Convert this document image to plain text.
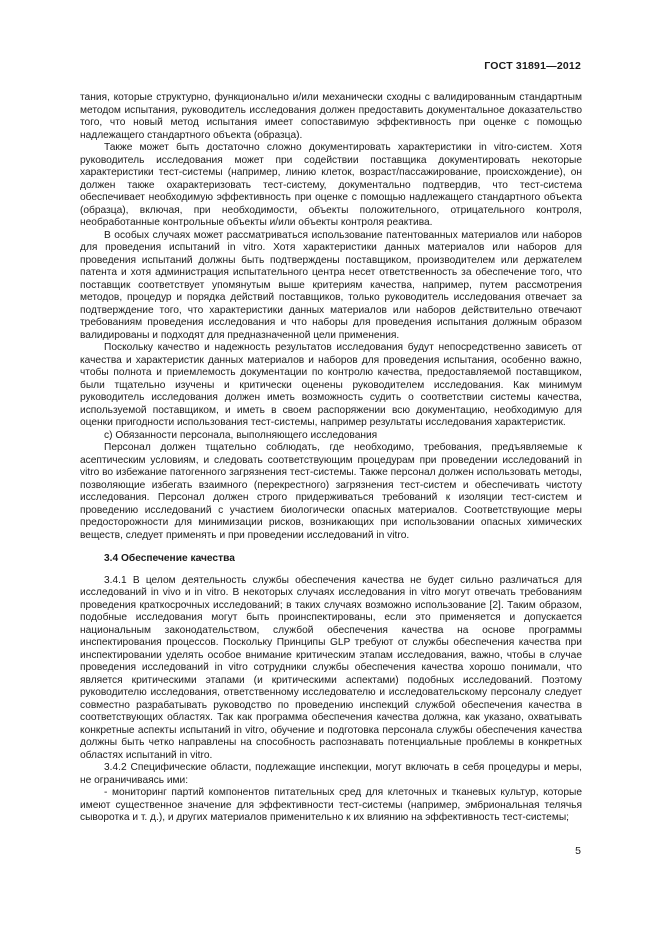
ГОСТ 31891—2012

тания, которые структурно, функционально и/или механически сходны с валидированным стандартным методом испытания, руководитель исследования должен предоставить документальное доказательство того, что новый метод испытания имеет сопоставимую эффективность при оценке с помощью надлежащего стандартного объекта (образца).

Также может быть достаточно сложно документировать характеристики in vitro-систем. Хотя руководитель исследования может при содействии поставщика документировать некоторые характеристики тест-системы (например, линию клеток, возраст/пассажирование, происхождение), он должен также охарактеризовать тест-систему, документально подтвердив, что тест-система обеспечивает необходимую эффективность при оценке с помощью надлежащего стандартного объекта (образца), включая, при необходимости, объекты положительного, отрицательного контроля, необработанные контрольные объекты и/или объекты контроля реактива.

В особых случаях может рассматриваться использование патентованных материалов или наборов для проведения испытаний in vitro. Хотя характеристики данных материалов или наборов для проведения испытаний должны быть подтверждены поставщиком, производителем или держателем патента и хотя администрация испытательного центра несет ответственность за обеспечение того, что поставщик соответствует упомянутым выше критериям качества, например, путем рассмотрения методов, процедур и порядка действий поставщиков, только руководитель исследования отвечает за подтверждение того, что характеристики данных материалов или наборов действительно отвечают требованиям проведения исследования и что наборы для проведения испытания должным образом валидированы и подходят для предназначенной цели применения.

Поскольку качество и надежность результатов исследования будут непосредственно зависеть от качества и характеристик данных материалов и наборов для проведения испытания, особенно важно, чтобы полнота и приемлемость документации по контролю качества, предоставляемой поставщиком, были тщательно изучены и критически оценены руководителем исследования. Как минимум руководитель исследования должен иметь возможность судить о соответствии системы качества, используемой поставщиком, и иметь в своем распоряжении всю документацию, необходимую для оценки пригодности использования тест-системы, например результаты исследования характеристик.

с) Обязанности персонала, выполняющего исследования

Персонал должен тщательно соблюдать, где необходимо, требования, предъявляемые к асептическим условиям, и следовать соответствующим процедурам при проведении исследований in vitro во избежание патогенного загрязнения тест-системы. Также персонал должен использовать методы, позволяющие избегать взаимного (перекрестного) загрязнения тест-систем и обеспечивать чистоту исследования. Персонал должен строго придерживаться требований к изоляции тест-систем и проведению исследований с участием биологически опасных материалов. Соответствующие меры предосторожности для минимизации рисков, возникающих при использовании опасных химических веществ, следует применять и при проведении исследований in vitro.

3.4 Обеспечение качества

3.4.1 В целом деятельность службы обеспечения качества не будет сильно различаться для исследований in vivo и in vitro. В некоторых случаях исследования in vitro могут отвечать требованиям проведения краткосрочных исследований; в таких случаях возможно использование [2]. Таким образом, подобные исследования могут быть проинспектированы, если это применяется и допускается национальным законодательством, службой обеспечения качества на основе программы инспектирования процессов. Поскольку Принципы GLP требуют от службы обеспечения качества при инспектировании уделять особое внимание критическим этапам исследования, важно, чтобы в случае проведения исследований in vitro сотрудники службы обеспечения качества хорошо понимали, что является критическими этапами (и критическими аспектами) подобных исследований. Поэтому руководителю исследования, ответственному исследователю и исследовательскому персоналу следует совместно разрабатывать руководство по проведению инспекций службой обеспечения качества в соответствующих областях. Так как программа обеспечения качества должна, как указано, охватывать конкретные аспекты испытаний in vitro, обучение и подготовка персонала службы обеспечения качества должны быть четко направлены на способность распознавать потенциальные проблемы в конкретных областях испытаний in vitro.

3.4.2 Специфические области, подлежащие инспекции, могут включать в себя процедуры и меры, не ограничиваясь ими:

- мониторинг партий компонентов питательных сред для клеточных и тканевых культур, которые имеют существенное значение для эффективности тест-системы (например, эмбриональная телячья сыворотка и т. д.), и других материалов применительно к их влиянию на эффективность тест-системы;

5
